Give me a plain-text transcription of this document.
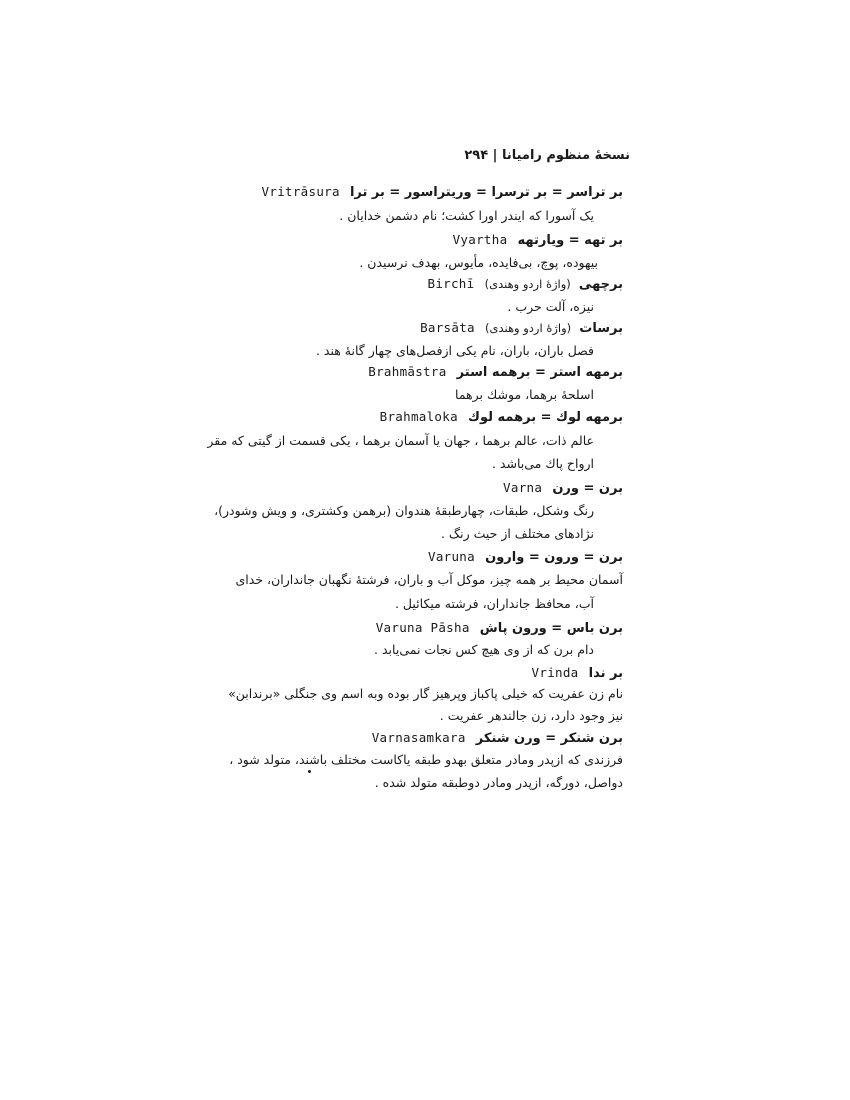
نسخهٔ منظوم رامیانا | ۲۹۴
بر تراسر = بر ترسرا = وریتراسور = بر ترا Vritrāsura
یک آسورا که ایندر اورا کشت؛ نام دشمن خدایان .
بر تهه = ویارتهه Vyartha
بیهوده، پوچ، بی‌فایده، مأیوس، بهدف نرسیدن .
برچهی (واژهٔ اردو وهندی) Birchī
نیزه، آلت حرب .
برسات (واژهٔ اردو وهندی) Barsāta
فصل باران، باران، نام یکی ازفصل‌های چهار گانهٔ هند .
برمهه استر = برهمه استر Brahmāstra
اسلحهٔ برهما، موشك برهما
برمهه لوك = برهمه لوك Brahmaloka
عالم ذات، عالم برهما ، جهان یا آسمان برهما ، یکی قسمت از گیتی که مقر
ارواح پاك می‌باشد .
برن = ورن Varna
رنگ وشکل، طبقات، چهارطبقهٔ هندوان (برهمن وکشتری، و ویش وشودر)،
نژادهای مختلف از حیث رنگ .
برن = ورون = وارون Varuna
آسمان محیط بر همه چیز، موکل آب و باران، فرشتهٔ نگهبان جانداران، خدای
آب، محافظ جانداران، فرشته میکائیل .
برن باس = ورون پاش Varuna Pāsha
دام برن که از وی هیچ کس نجات نمی‌یابد .
بر ندا Vrinda
نام زن عفریت که خیلی پاکباز وپرهیز گار بوده وبه اسم وی جنگلی «برندابن»
نیز وجود دارد، زن جالندهر عفریت .
برن شنکر = ورن شنکر Varnasamkara
فرزندی که ازپدر ومادر متعلق بهدو طبقه یاکاست مختلف باشند، متولد شود ،
دواصل، دورگه، ازپدر ومادر دوطبقه متولد شده .
